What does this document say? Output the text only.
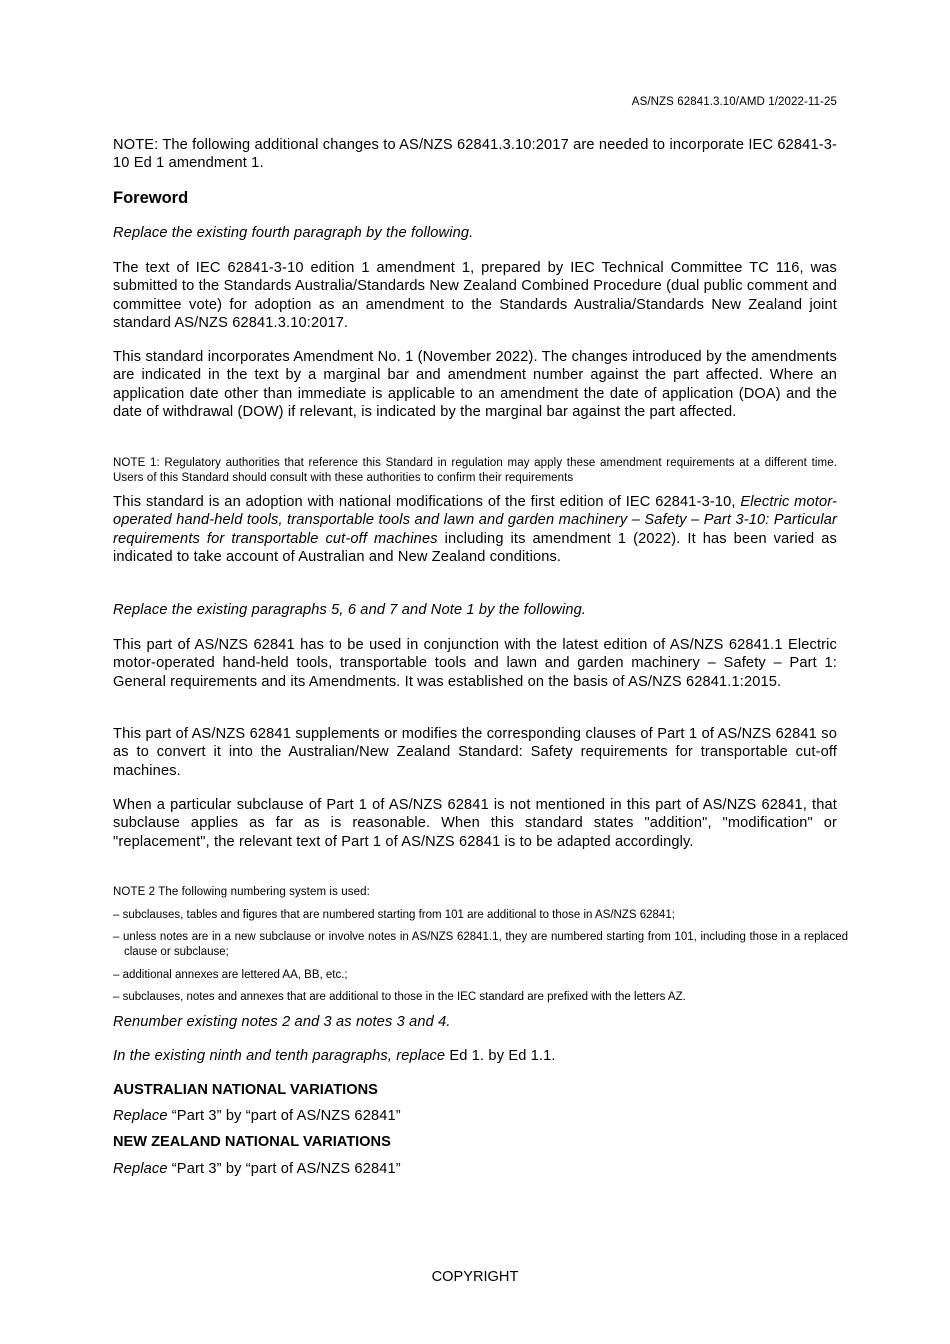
AS/NZS 62841.3.10/AMD 1/2022-11-25

NOTE: The following additional changes to AS/NZS 62841.3.10:2017 are needed to incorporate IEC 62841-3-10 Ed 1 amendment 1.

Foreword

Replace the existing fourth paragraph by the following.

The text of IEC 62841-3-10 edition 1 amendment 1, prepared by IEC Technical Committee TC 116, was submitted to the Standards Australia/Standards New Zealand Combined Procedure (dual public comment and committee vote) for adoption as an amendment to the Standards Australia/Standards New Zealand joint standard AS/NZS 62841.3.10:2017.

This standard incorporates Amendment No. 1 (November 2022). The changes introduced by the amendments are indicated in the text by a marginal bar and amendment number against the part affected. Where an application date other than immediate is applicable to an amendment the date of application (DOA) and the date of withdrawal (DOW) if relevant, is indicated by the marginal bar against the part affected.

NOTE 1: Regulatory authorities that reference this Standard in regulation may apply these amendment requirements at a different time. Users of this Standard should consult with these authorities to confirm their requirements

This standard is an adoption with national modifications of the first edition of IEC 62841-3-10, Electric motor-operated hand-held tools, transportable tools and lawn and garden machinery – Safety – Part 3-10: Particular requirements for transportable cut-off machines including its amendment 1 (2022). It has been varied as indicated to take account of Australian and New Zealand conditions.

Replace the existing paragraphs 5, 6 and 7 and Note 1 by the following.

This part of AS/NZS 62841 has to be used in conjunction with the latest edition of AS/NZS 62841.1 Electric motor-operated hand-held tools, transportable tools and lawn and garden machinery – Safety – Part 1: General requirements and its Amendments. It was established on the basis of AS/NZS 62841.1:2015.

This part of AS/NZS 62841 supplements or modifies the corresponding clauses of Part 1 of AS/NZS 62841 so as to convert it into the Australian/New Zealand Standard: Safety requirements for transportable cut-off machines.

When a particular subclause of Part 1 of AS/NZS 62841 is not mentioned in this part of AS/NZS 62841, that subclause applies as far as is reasonable. When this standard states "addition", "modification" or "replacement", the relevant text of Part 1 of AS/NZS 62841 is to be adapted accordingly.

NOTE 2 The following numbering system is used:

– subclauses, tables and figures that are numbered starting from 101 are additional to those in AS/NZS 62841;

– unless notes are in a new subclause or involve notes in AS/NZS 62841.1, they are numbered starting from 101, including those in a replaced clause or subclause;

– additional annexes are lettered AA, BB, etc.;

– subclauses, notes and annexes that are additional to those in the IEC standard are prefixed with the letters AZ.

Renumber existing notes 2 and 3 as notes 3 and 4.

In the existing ninth and tenth paragraphs, replace Ed 1. by Ed 1.1.

AUSTRALIAN NATIONAL VARIATIONS

Replace “Part 3” by “part of AS/NZS 62841”

NEW ZEALAND NATIONAL VARIATIONS

Replace “Part 3” by “part of AS/NZS 62841”

COPYRIGHT
